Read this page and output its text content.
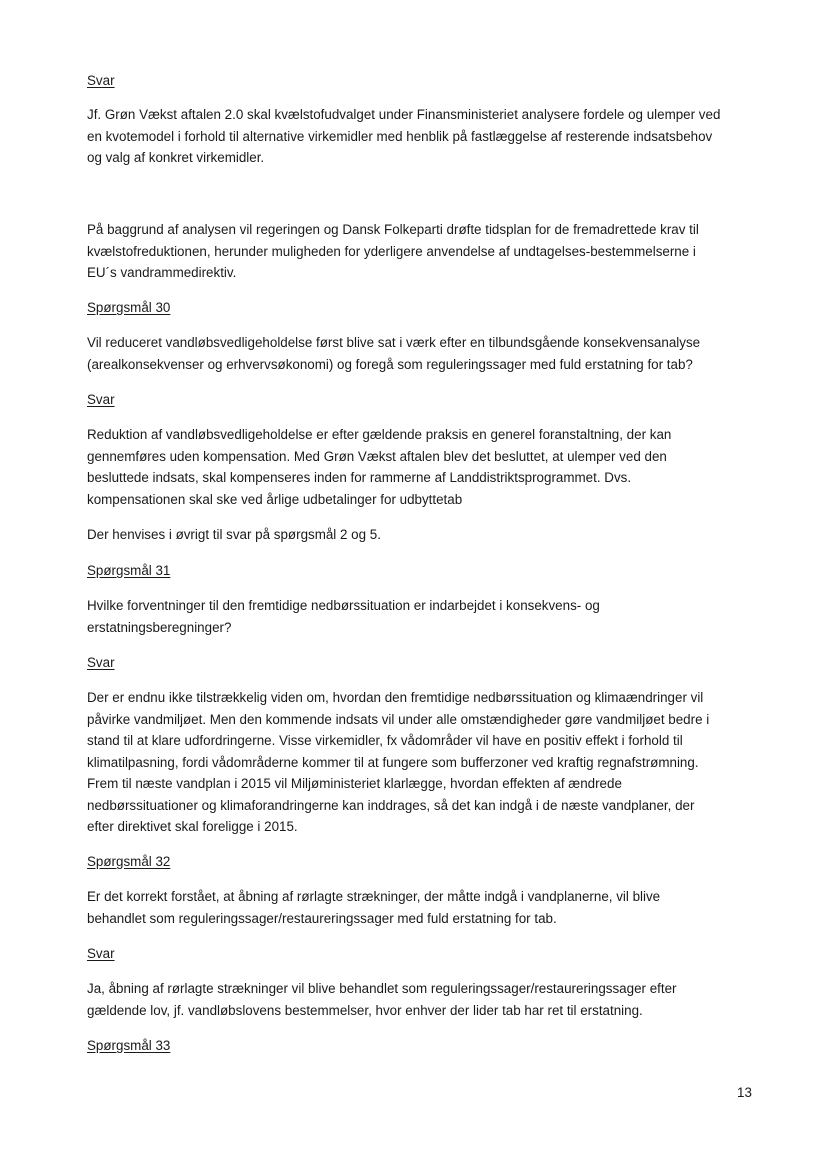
Svar

Jf. Grøn Vækst aftalen 2.0 skal kvælstofudvalget under Finansministeriet analysere fordele og ulemper ved
en kvotemodel i forhold til alternative virkemidler med henblik på fastlæggelse af resterende indsatsbehov
og valg af konkret virkemidler.

På baggrund af analysen vil regeringen og Dansk Folkeparti drøfte tidsplan for de fremadrettede krav til
kvælstofreduktionen, herunder muligheden for yderligere anvendelse af undtagelses-bestemmelserne i
EU´s vandrammedirektiv.

Spørgsmål 30

Vil reduceret vandløbsvedligeholdelse først blive sat i værk efter en tilbundsgående konsekvensanalyse
(arealkonsekvenser og erhvervsøkonomi) og foregå som reguleringssager med fuld erstatning for tab?

Svar

Reduktion af vandløbsvedligeholdelse er efter gældende praksis en generel foranstaltning, der kan
gennemføres uden kompensation. Med Grøn Vækst aftalen blev det besluttet, at ulemper ved den
besluttede indsats, skal kompenseres inden for rammerne af Landdistriktsprogrammet. Dvs.
kompensationen skal ske ved årlige udbetalinger for udbyttetab

Der henvises i øvrigt til svar på spørgsmål 2 og 5.

Spørgsmål 31

Hvilke forventninger til den fremtidige nedbørssituation er indarbejdet i konsekvens- og
erstatningsberegninger?

Svar

Der er endnu ikke tilstrækkelig viden om, hvordan den fremtidige nedbørssituation og klimaændringer vil
påvirke vandmiljøet. Men den kommende indsats vil under alle omstændigheder gøre vandmiljøet bedre i
stand til at klare udfordringerne. Visse virkemidler, fx vådområder vil have en positiv effekt i forhold til
klimatilpasning, fordi vådområderne kommer til at fungere som bufferzoner ved kraftig regnafstrømning.
Frem til næste vandplan i 2015 vil Miljøministeriet klarlægge, hvordan effekten af ændrede
nedbørssituationer og klimaforandringerne kan inddrages, så det kan indgå i de næste vandplaner, der
efter direktivet skal foreligge i 2015.

Spørgsmål 32

Er det korrekt forstået, at åbning af rørlagte strækninger, der måtte indgå i vandplanerne, vil blive
behandlet som reguleringssager/restaureringssager med fuld erstatning for tab.

Svar

Ja, åbning af rørlagte strækninger vil blive behandlet som reguleringssager/restaureringssager efter
gældende lov, jf. vandløbslovens bestemmelser, hvor enhver der lider tab har ret til erstatning.

Spørgsmål 33

13
